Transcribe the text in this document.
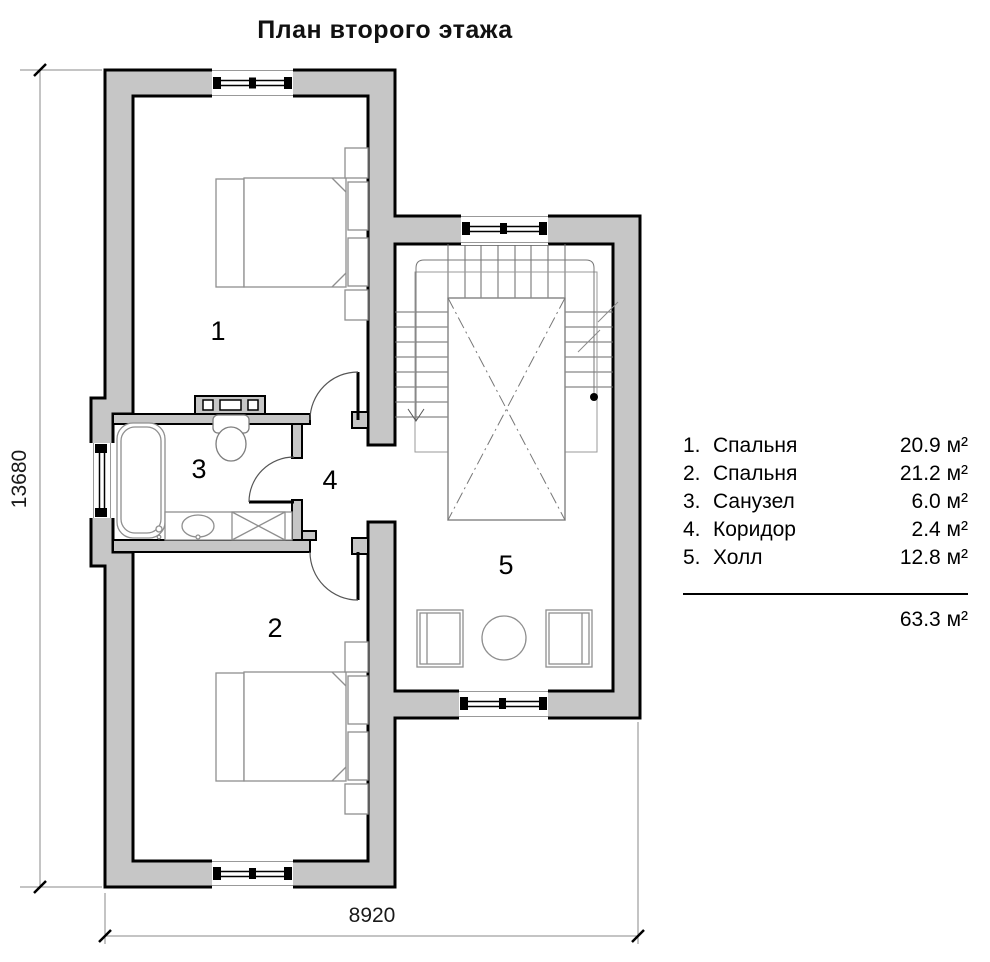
План второго этажа
1
2
3	4
5
13680
8920
1. Спальня	20.9 м²
2. Спальня	21.2 м²
3. Санузел	6.0 м²
4. Коридор	2.4 м²
5. Холл	12.8 м²
63.3 м²
